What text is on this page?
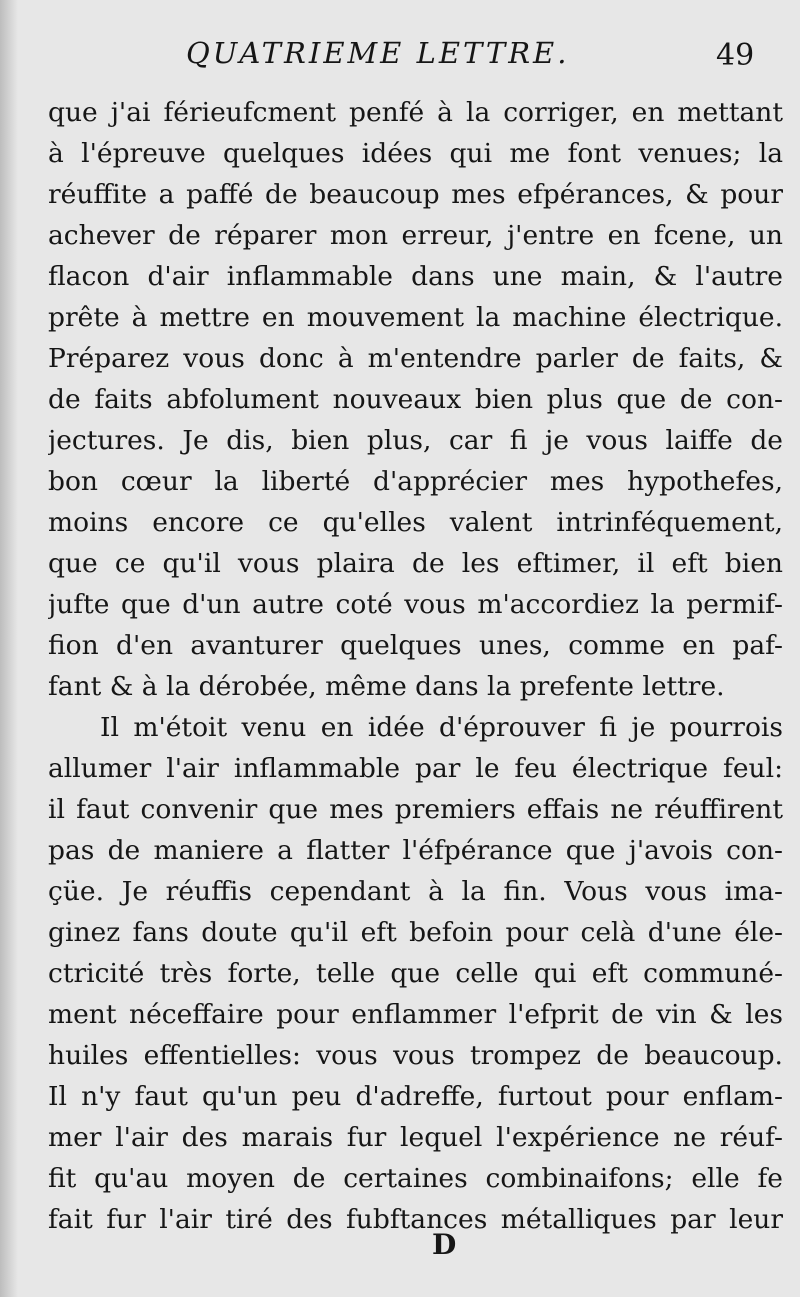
QUATRIEME LETTRE.	49
que j'ai férieufcment penfé à la corriger, en mettant
à l'épreuve quelques idées qui me font venues; la
réuffite a paffé de beaucoup mes efpérances, & pour
achever de réparer mon erreur, j'entre en fcene, un
flacon d'air inflammable dans une main, & l'autre
prête à mettre en mouvement la machine électrique.
Préparez vous donc à m'entendre parler de faits, &
de faits abfolument nouveaux bien plus que de con-
jectures. Je dis, bien plus, car fi je vous laiffe de
bon cœur la liberté d'apprécier mes hypothefes,
moins encore ce qu'elles valent intrinféquement,
que ce qu'il vous plaira de les eftimer, il eft bien
jufte que d'un autre coté vous m'accordiez la permif-
fion d'en avanturer quelques unes, comme en paf-
fant & à la dérobée, même dans la prefente lettre.
Il m'étoit venu en idée d'éprouver fi je pourrois
allumer l'air inflammable par le feu électrique feul:
il faut convenir que mes premiers effais ne réuffirent
pas de maniere a flatter l'éfpérance que j'avois con-
çüe. Je réuffis cependant à la fin. Vous vous ima-
ginez fans doute qu'il eft befoin pour celà d'une éle-
ctricité très forte, telle que celle qui eft communé-
ment néceffaire pour enflammer l'efprit de vin & les
huiles effentielles: vous vous trompez de beaucoup.
Il n'y faut qu'un peu d'adreffe, furtout pour enflam-
mer l'air des marais fur lequel l'expérience ne réuf-
fit qu'au moyen de certaines combinaifons; elle fe
fait fur l'air tiré des fubftances métalliques par leur
D
